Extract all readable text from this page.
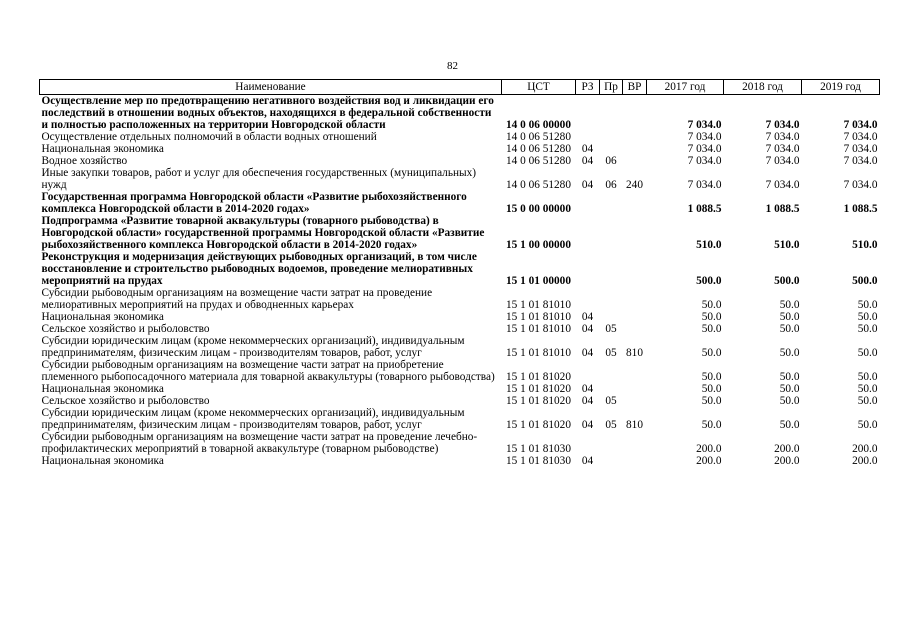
82
Наименование	ЦСТ	РЗ	Пр	ВР	2017 год	2018 год	2019 год
Осуществление мер по предотвращению негативного воздействия вод и ликвидации его последствий в отношении водных объектов, находящихся в федеральной собственности и полностью расположенных на территории Новгородской области	14 0 06 00000				7 034.0	7 034.0	7 034.0
Осуществление отдельных полномочий в области водных отношений	14 0 06 51280				7 034.0	7 034.0	7 034.0
Национальная экономика	14 0 06 51280	04			7 034.0	7 034.0	7 034.0
Водное хозяйство	14 0 06 51280	04	06		7 034.0	7 034.0	7 034.0
Иные закупки товаров, работ и услуг для обеспечения государственных (муниципальных) нужд	14 0 06 51280	04	06	240	7 034.0	7 034.0	7 034.0
Государственная программа Новгородской области «Развитие рыбохозяйственного комплекса Новгородской области в 2014-2020 годах»	15 0 00 00000				1 088.5	1 088.5	1 088.5
Подпрограмма «Развитие товарной аквакультуры (товарного рыбоводства) в Новгородской области» государственной программы Новгородской области «Развитие рыбохозяйственного комплекса Новгородской области в 2014-2020 годах»	15 1 00 00000				510.0	510.0	510.0
Реконструкция и модернизация действующих рыбоводных организаций, в том числе восстановление и строительство рыбоводных водоемов, проведение мелиоративных мероприятий на прудах	15 1 01 00000				500.0	500.0	500.0
Субсидии рыбоводным организациям на возмещение части затрат на проведение мелиоративных мероприятий на прудах и обводненных карьерах	15 1 01 81010				50.0	50.0	50.0
Национальная экономика	15 1 01 81010	04			50.0	50.0	50.0
Сельское хозяйство и рыболовство	15 1 01 81010	04	05		50.0	50.0	50.0
Субсидии юридическим лицам (кроме некоммерческих организаций), индивидуальным предпринимателям, физическим лицам - производителям товаров, работ, услуг	15 1 01 81010	04	05	810	50.0	50.0	50.0
Субсидии рыбоводным организациям на возмещение части затрат на приобретение племенного рыбопосадочного материала для товарной аквакультуры (товарного рыбоводства)	15 1 01 81020				50.0	50.0	50.0
Национальная экономика	15 1 01 81020	04			50.0	50.0	50.0
Сельское хозяйство и рыболовство	15 1 01 81020	04	05		50.0	50.0	50.0
Субсидии юридическим лицам (кроме некоммерческих организаций), индивидуальным предпринимателям, физическим лицам - производителям товаров, работ, услуг	15 1 01 81020	04	05	810	50.0	50.0	50.0
Субсидии рыбоводным организациям на возмещение части затрат на проведение лечебно-профилактических мероприятий в товарной аквакультуре (товарном рыбоводстве)	15 1 01 81030				200.0	200.0	200.0
Национальная экономика	15 1 01 81030	04			200.0	200.0	200.0
